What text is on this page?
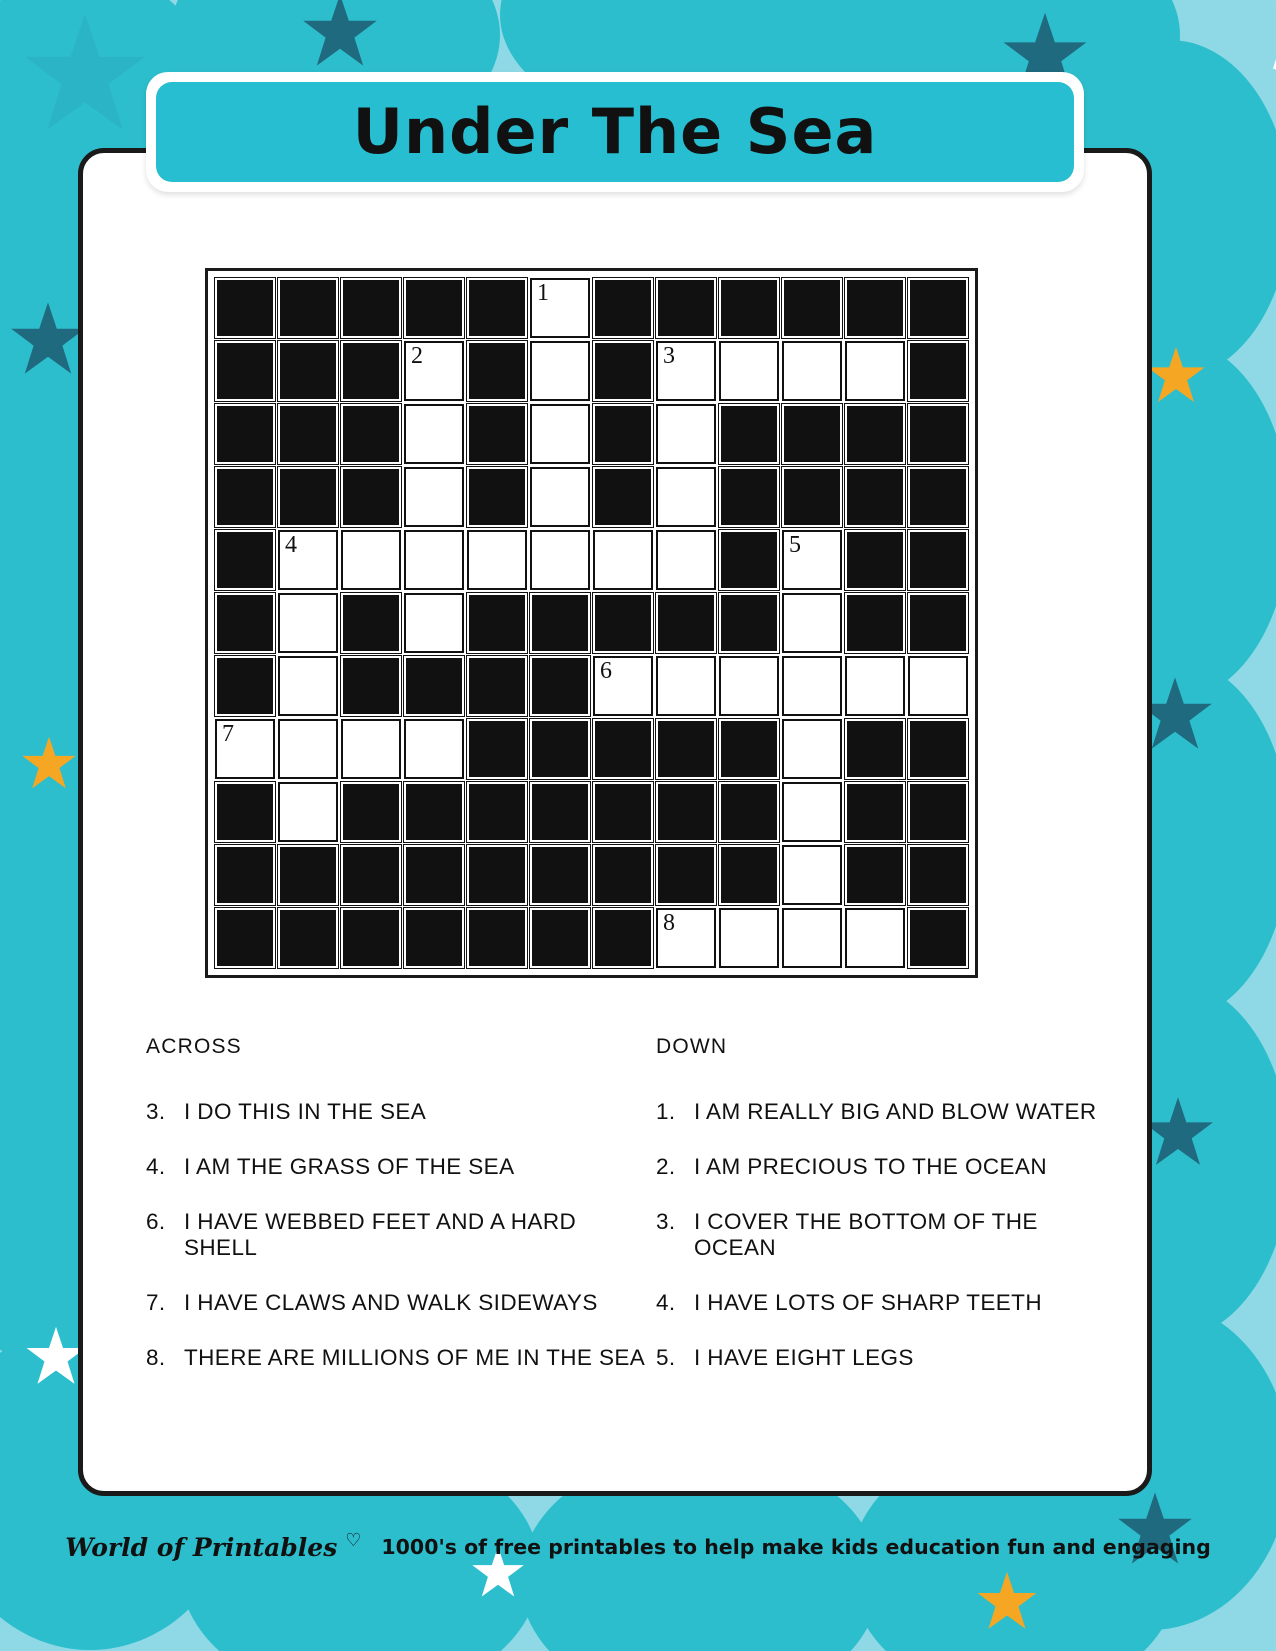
Under The Sea

					1						

			2				3				

	4								5		

						6					

7											

							8				

ACROSS
3. I DO THIS IN THE SEA
4. I AM THE GRASS OF THE SEA
6. I HAVE WEBBED FEET AND A HARD SHELL
7. I HAVE CLAWS AND WALK SIDEWAYS
8. THERE ARE MILLIONS OF ME IN THE SEA
DOWN
1. I AM REALLY BIG AND BLOW WATER
2. I AM PRECIOUS TO THE OCEAN
3. I COVER THE BOTTOM OF THE OCEAN
4. I HAVE LOTS OF SHARP TEETH
5. I HAVE EIGHT LEGS
World of Printables ♡ 1000's of free printables to help make kids education fun and engaging
